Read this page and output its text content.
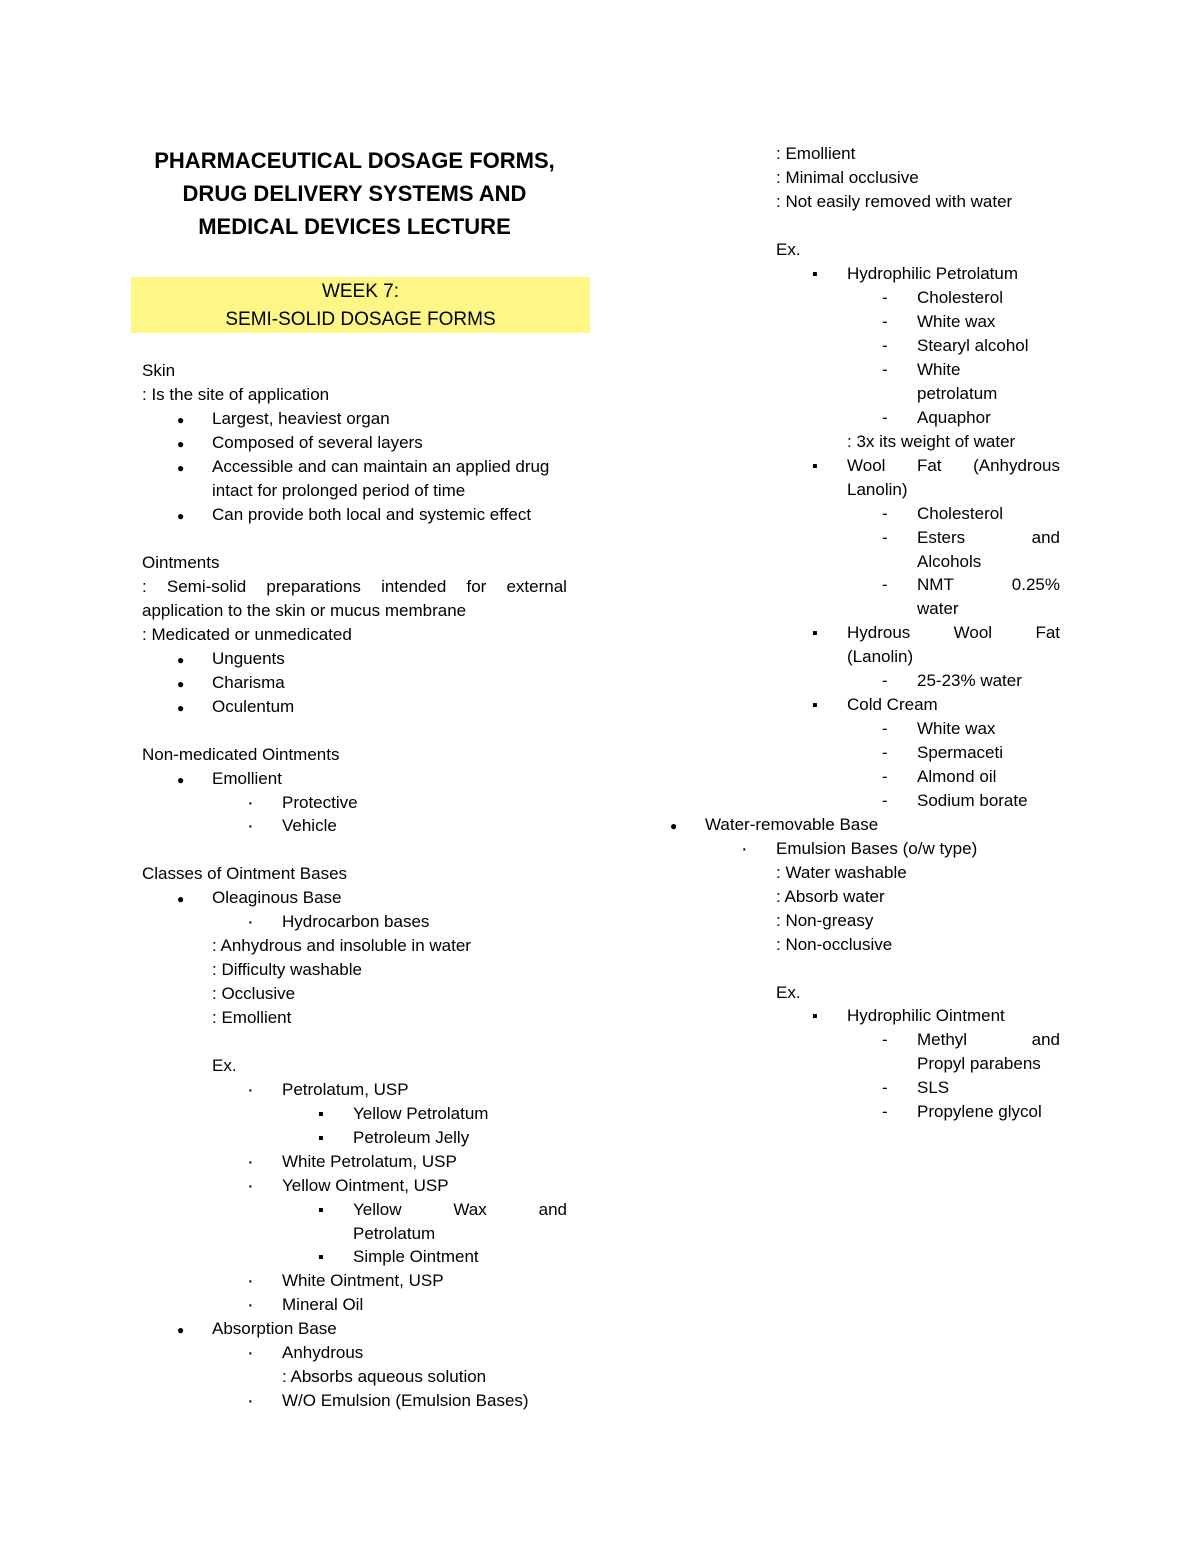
PHARMACEUTICAL DOSAGE FORMS,
DRUG DELIVERY SYSTEMS AND
MEDICAL DEVICES LECTURE
WEEK 7:
SEMI-SOLID DOSAGE FORMS
Skin
: Is the site of application
●
Largest, heaviest organ
●
Composed of several layers
●
Accessible and can maintain an applied drug
intact for prolonged period of time
●
Can provide both local and systemic effect
Ointments
: Semi-solid preparations intended for external
application to the skin or mucus membrane
: Medicated or unmedicated
●
Unguents
●
Charisma
●
Oculentum
Non-medicated Ointments
●
Emollient
·
Protective
·
Vehicle
Classes of Ointment Bases
●
Oleaginous Base
·
Hydrocarbon bases
: Anhydrous and insoluble in water
: Difficulty washable
: Occlusive
: Emollient
Ex.
·
Petrolatum, USP
▪
Yellow Petrolatum
▪
Petroleum Jelly
·
White Petrolatum, USP
·
Yellow Ointment, USP
▪
Yellow	Wax	and
Petrolatum
▪
Simple Ointment
·
White Ointment, USP
·
Mineral Oil
●
Absorption Base
·
Anhydrous
: Absorbs aqueous solution
·
W/O Emulsion (Emulsion Bases)
: Emollient
: Minimal occlusive
: Not easily removed with water
Ex.
▪
Hydrophilic Petrolatum
-
Cholesterol
-
White wax
-
Stearyl alcohol
-
White
petrolatum
-
Aquaphor
: 3x its weight of water
▪
Wool Fat (Anhydrous
Lanolin)
-
Cholesterol
-
Esters	and
Alcohols
-
NMT	0.25%
water
▪
Hydrous	Wool	Fat
(Lanolin)
-
25-23% water
▪
Cold Cream
-
White wax
-
Spermaceti
-
Almond oil
-
Sodium borate
●
Water-removable Base
·
Emulsion Bases (o/w type)
: Water washable
: Absorb water
: Non-greasy
: Non-occlusive
Ex.
▪
Hydrophilic Ointment
-
Methyl	and
Propyl parabens
-
SLS
-
Propylene glycol
